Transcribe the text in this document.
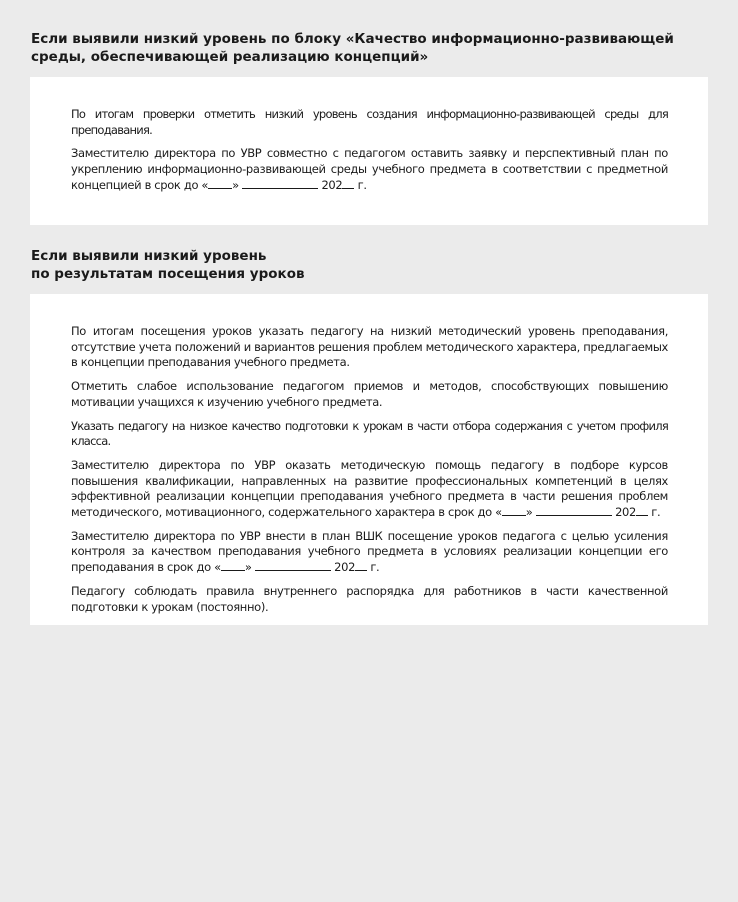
Если выявили низкий уровень по блоку «Качество информационно-развивающей среды, обеспечивающей реализацию концепций»

По итогам проверки отметить низкий уровень создания информационно-развивающей среды для преподавания.

Заместителю директора по УВР совместно с педагогом оставить заявку и перспективный план по укреплению информационно-развивающей среды учебного предмета в соответствии с предметной концепцией в срок до « »	202 г.

Если выявили низкий уровень
по результатам посещения уроков

По итогам посещения уроков указать педагогу на низкий методический уровень преподавания, отсутствие учета положений и вариантов решения проблем методического характера, предлагаемых в концепции преподавания учебного предмета.

Отметить слабое использование педагогом приемов и методов, способствующих повышению мотивации учащихся к изучению учебного предмета.

Указать педагогу на низкое качество подготовки к урокам в части отбора содержания с учетом профиля класса.

Заместителю директора по УВР оказать методическую помощь педагогу в подборе курсов повышения квалификации, направленных на развитие профессиональных компетенций в целях эффективной реализации концепции преподавания учебного предмета в части решения проблем методического, мотивационного, содержательного характера в срок до « »	202 г.

Заместителю директора по УВР внести в план ВШК посещение уроков педагога с целью усиления контроля за качеством преподавания учебного предмета в условиях реализации концепции его преподавания в срок до « »	202 г.

Педагогу соблюдать правила внутреннего распорядка для работников в части качественной подготовки к урокам (постоянно).
